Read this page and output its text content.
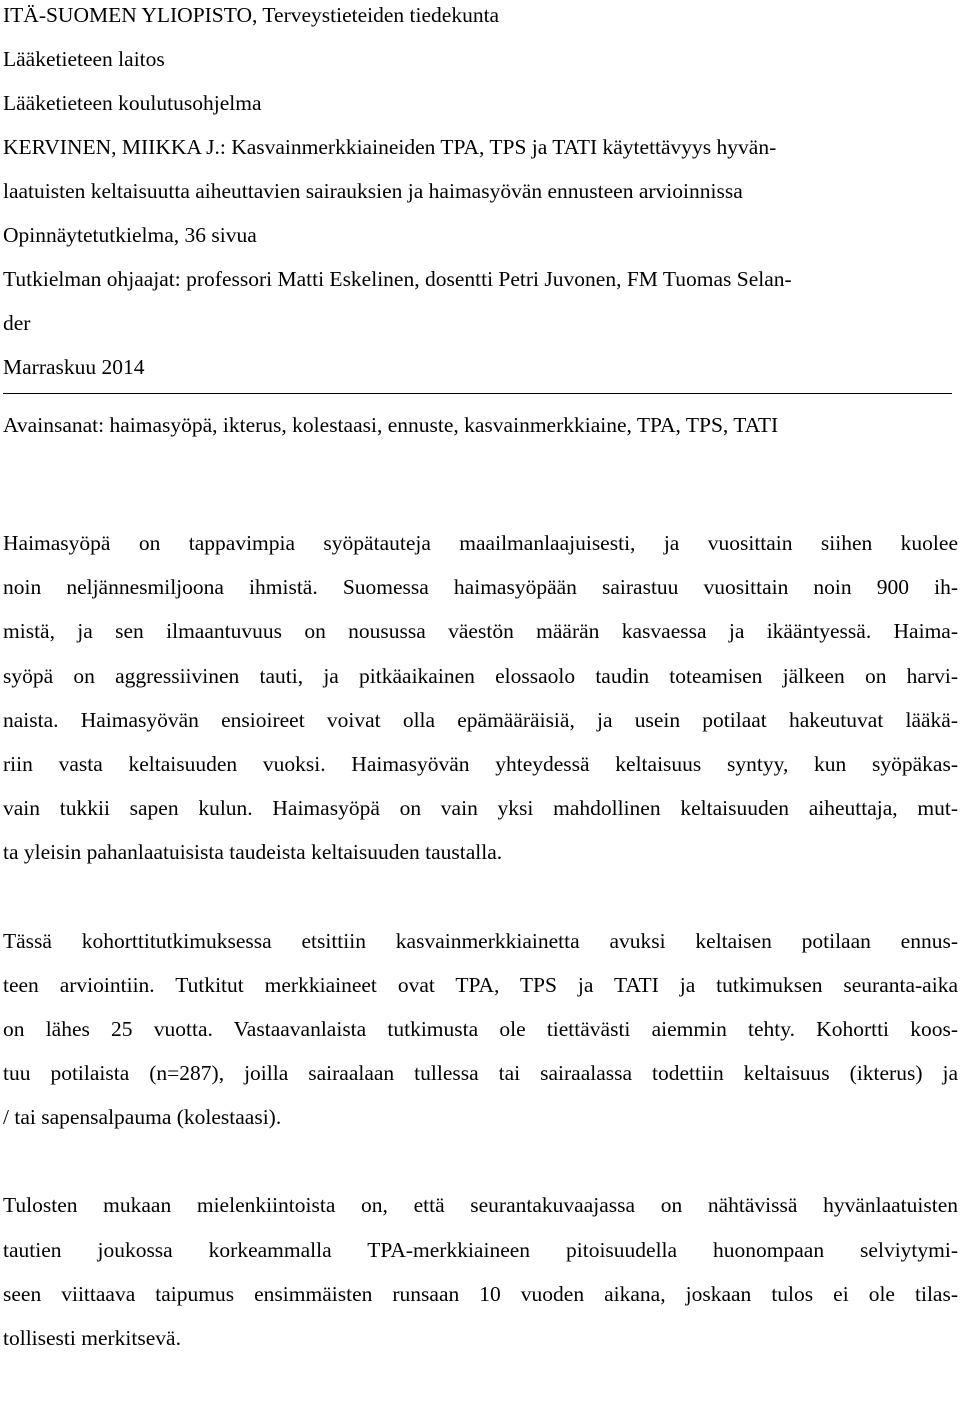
ITÄ-SUOMEN YLIOPISTO, Terveystieteiden tiedekunta

Lääketieteen laitos

Lääketieteen koulutusohjelma

KERVINEN, MIIKKA J.: Kasvainmerkkiaineiden TPA, TPS ja TATI käytettävyys hyvän-

laatuisten keltaisuutta aiheuttavien sairauksien ja haimasyövän ennusteen arvioinnissa

Opinnäytetutkielma, 36 sivua

Tutkielman ohjaajat: professori Matti Eskelinen, dosentti Petri Juvonen, FM Tuomas Selan-

der

Marraskuu 2014

Avainsanat: haimasyöpä, ikterus, kolestaasi, ennuste, kasvainmerkkiaine, TPA, TPS, TATI

Haimasyöpä on tappavimpia syöpätauteja maailmanlaajuisesti, ja vuosittain siihen kuolee
noin neljännesmiljoona ihmistä. Suomessa haimasyöpään sairastuu vuosittain noin 900 ih-
mistä, ja sen ilmaantuvuus on nousussa väestön määrän kasvaessa ja ikääntyessä. Haima-
syöpä on aggressiivinen tauti, ja pitkäaikainen elossaolo taudin toteamisen jälkeen on harvi-
naista. Haimasyövän ensioireet voivat olla epämääräisiä, ja usein potilaat hakeutuvat lääkä-
riin vasta keltaisuuden vuoksi. Haimasyövän yhteydessä keltaisuus syntyy, kun syöpäkas-
vain tukkii sapen kulun. Haimasyöpä on vain yksi mahdollinen keltaisuuden aiheuttaja, mut-
ta yleisin pahanlaatuisista taudeista keltaisuuden taustalla.
Tässä kohorttitutkimuksessa etsittiin kasvainmerkkiainetta avuksi keltaisen potilaan ennus-
teen arviointiin. Tutkitut merkkiaineet ovat TPA, TPS ja TATI ja tutkimuksen seuranta-aika
on lähes 25 vuotta. Vastaavanlaista tutkimusta ole tiettävästi aiemmin tehty. Kohortti koos-
tuu potilaista (n=287), joilla sairaalaan tullessa tai sairaalassa todettiin keltaisuus (ikterus) ja
/ tai sapensalpauma (kolestaasi).
Tulosten mukaan mielenkiintoista on, että seurantakuvaajassa on nähtävissä hyvänlaatuisten
tautien joukossa korkeammalla TPA-merkkiaineen pitoisuudella huonompaan selviytymi-
seen viittaava taipumus ensimmäisten runsaan 10 vuoden aikana, joskaan tulos ei ole tilas-
tollisesti merkitsevä.
